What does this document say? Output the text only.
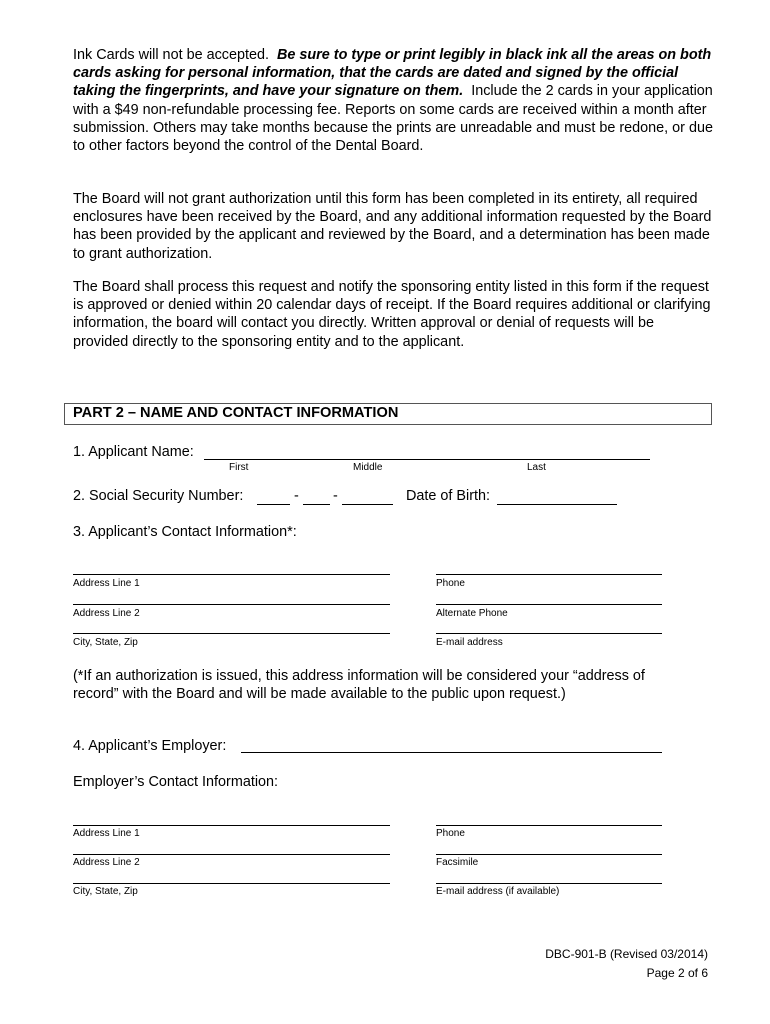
Ink Cards will not be accepted. Be sure to type or print legibly in black ink all the areas on both cards asking for personal information, that the cards are dated and signed by the official taking the fingerprints, and have your signature on them. Include the 2 cards in your application with a $49 non-refundable processing fee. Reports on some cards are received within a month after submission. Others may take months because the prints are unreadable and must be redone, or due to other factors beyond the control of the Dental Board.
The Board will not grant authorization until this form has been completed in its entirety, all required enclosures have been received by the Board, and any additional information requested by the Board has been provided by the applicant and reviewed by the Board, and a determination has been made to grant authorization.
The Board shall process this request and notify the sponsoring entity listed in this form if the request is approved or denied within 20 calendar days of receipt. If the Board requires additional or clarifying information, the board will contact you directly. Written approval or denial of requests will be provided directly to the sponsoring entity and to the applicant.
PART 2 – NAME AND CONTACT INFORMATION
1. Applicant Name:
First	Middle	Last
2. Social Security Number:	- -	Date of Birth:
3. Applicant’s Contact Information*:
Address Line 1	Phone
Address Line 2	Alternate Phone
City, State, Zip	E-mail address
(*If an authorization is issued, this address information will be considered your “address of record” with the Board and will be made available to the public upon request.)
4. Applicant’s Employer:
Employer’s Contact Information:
Address Line 1	Phone
Address Line 2	Facsimile
City, State, Zip	E-mail address (if available)
DBC-901-B (Revised 03/2014)
Page 2 of 6
